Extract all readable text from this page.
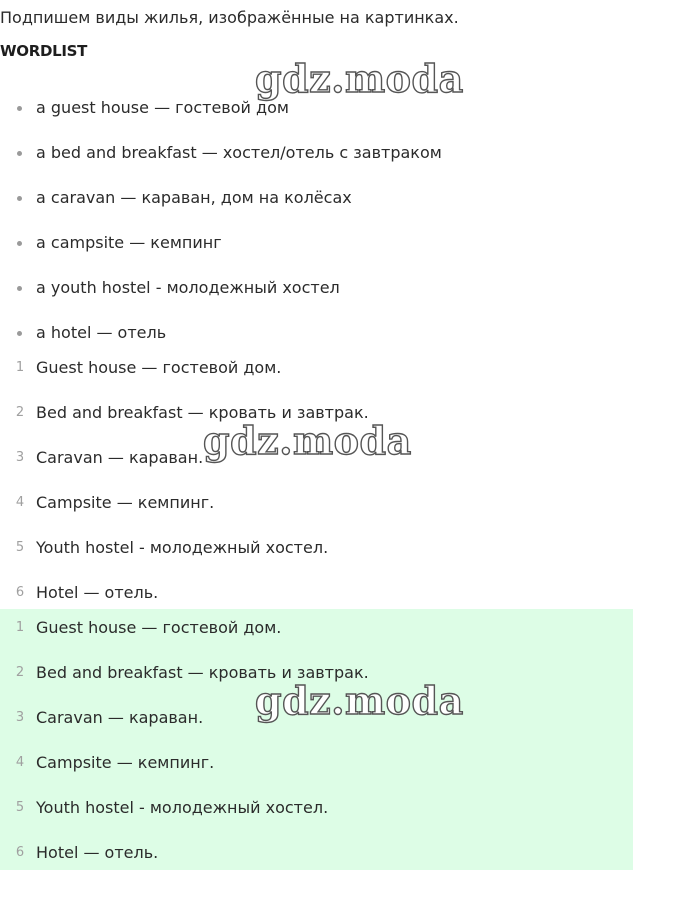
Подпишем виды жилья, изображённые на картинках.
WORDLIST
a guest house — гостевой дом
a bed and breakfast — хостел/отель с завтраком
a caravan — караван, дом на колёсах
a campsite — кемпинг
a youth hostel - молодежный хостел
a hotel — отель
1 Guest house — гостевой дом.
2 Bed and breakfast — кровать и завтрак.
3 Caravan — караван.
4 Campsite — кемпинг.
5 Youth hostel - молодежный хостел.
6 Hotel — отель.
1 Guest house — гостевой дом.
2 Bed and breakfast — кровать и завтрак.
3 Caravan — караван.
4 Campsite — кемпинг.
5 Youth hostel - молодежный хостел.
6 Hotel — отель.
gdz.moda
gdz.moda
gdz.moda
